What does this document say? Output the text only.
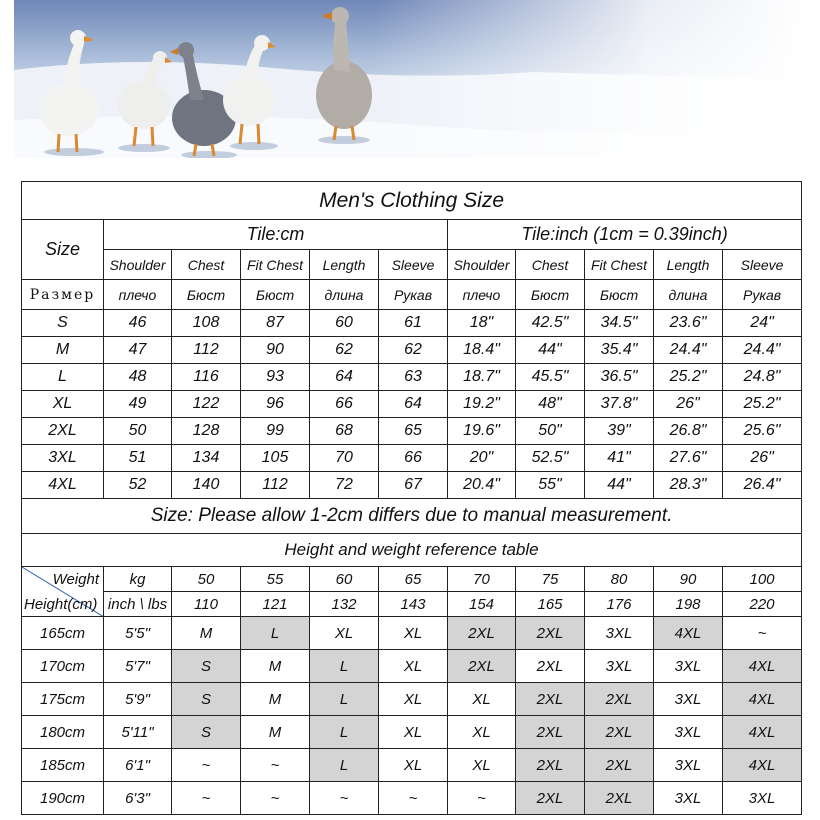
Men's Clothing Size										
Size	Tile:cm					Tile:inch (1cm = 0.39inch)				
	Shoulder	Chest	Fit Chest	Length	Sleeve	Shoulder	Chest	Fit Chest	Length	Sleeve
Размер	плечо	Бюст	Бюст	длина	Рукав	плечо	Бюст	Бюст	длина	Рукав
S	46	108	87	60	61	18"	42.5"	34.5"	23.6"	24"
M	47	112	90	62	62	18.4"	44"	35.4"	24.4"	24.4"
L	48	116	93	64	63	18.7"	45.5"	36.5"	25.2"	24.8"
XL	49	122	96	66	64	19.2"	48"	37.8"	26"	25.2"
2XL	50	128	99	68	65	19.6"	50"	39"	26.8"	25.6"
3XL	51	134	105	70	66	20"	52.5"	41"	27.6"	26"
4XL	52	140	112	72	67	20.4"	55"	44"	28.3"	26.4"
Size: Please allow 1-2cm differs due to manual measurement.										
Height and weight reference table										

Weight
Height(cm)	kg	50	55	60	65	70	75	80	90	100
	inch \ lbs	110	121	132	143	154	165	176	198	220
165cm	5'5"	M	L	XL	XL	2XL	2XL	3XL	4XL	~
170cm	5'7"	S	M	L	XL	2XL	2XL	3XL	3XL	4XL
175cm	5'9"	S	M	L	XL	XL	2XL	2XL	3XL	4XL
180cm	5'11"	S	M	L	XL	XL	2XL	2XL	3XL	4XL
185cm	6'1"	~	~	L	XL	XL	2XL	2XL	3XL	4XL
190cm	6'3"	~	~	~	~	~	2XL	2XL	3XL	3XL
